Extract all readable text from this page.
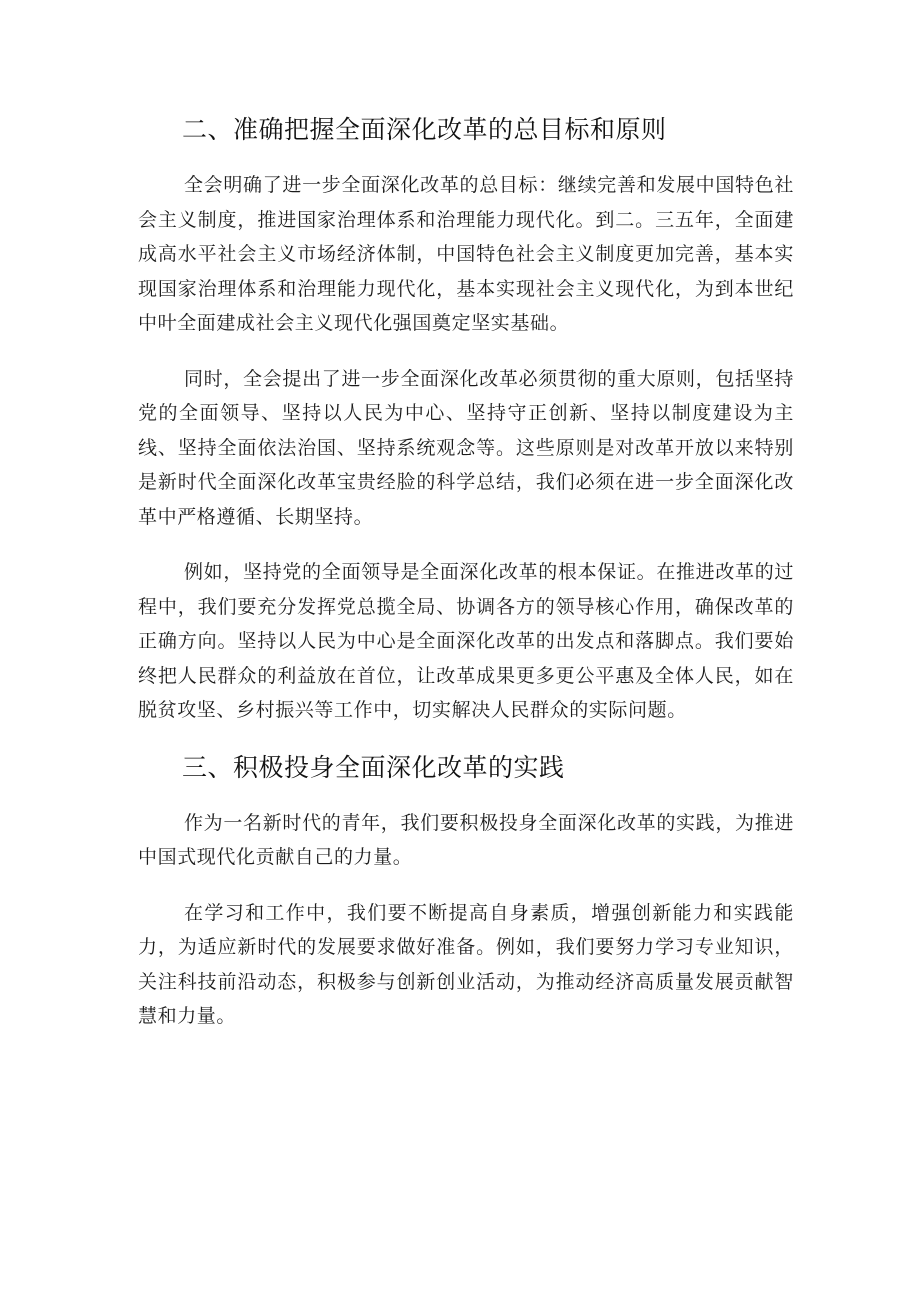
二、准确把握全面深化改革的总目标和原则

全会明确了进一步全面深化改革的总目标：继续完善和发展中国特色社会主义制度，推进国家治理体系和治理能力现代化。到二。三五年，全面建成高水平社会主义市场经济体制，中国特色社会主义制度更加完善，基本实现国家治理体系和治理能力现代化，基本实现社会主义现代化，为到本世纪中叶全面建成社会主义现代化强国奠定坚实基础。

同时，全会提出了进一步全面深化改革必须贯彻的重大原则，包括坚持党的全面领导、坚持以人民为中心、坚持守正创新、坚持以制度建设为主线、坚持全面依法治国、坚持系统观念等。这些原则是对改革开放以来特别是新时代全面深化改革宝贵经脸的科学总结，我们必须在进一步全面深化改革中严格遵循、长期坚持。

例如，坚持党的全面领导是全面深化改革的根本保证。在推进改革的过程中，我们要充分发挥党总揽全局、协调各方的领导核心作用，确保改革的正确方向。坚持以人民为中心是全面深化改革的出发点和落脚点。我们要始终把人民群众的利益放在首位，让改革成果更多更公平惠及全体人民，如在脱贫攻坚、乡村振兴等工作中，切实解决人民群众的实际问题。

三、积极投身全面深化改革的实践

作为一名新时代的青年，我们要积极投身全面深化改革的实践，为推进中国式现代化贡献自己的力量。

在学习和工作中，我们要不断提高自身素质，增强创新能力和实践能力，为适应新时代的发展要求做好准备。例如，我们要努力学习专业知识，关注科技前沿动态，积极参与创新创业活动，为推动经济高质量发展贡献智慧和力量。
